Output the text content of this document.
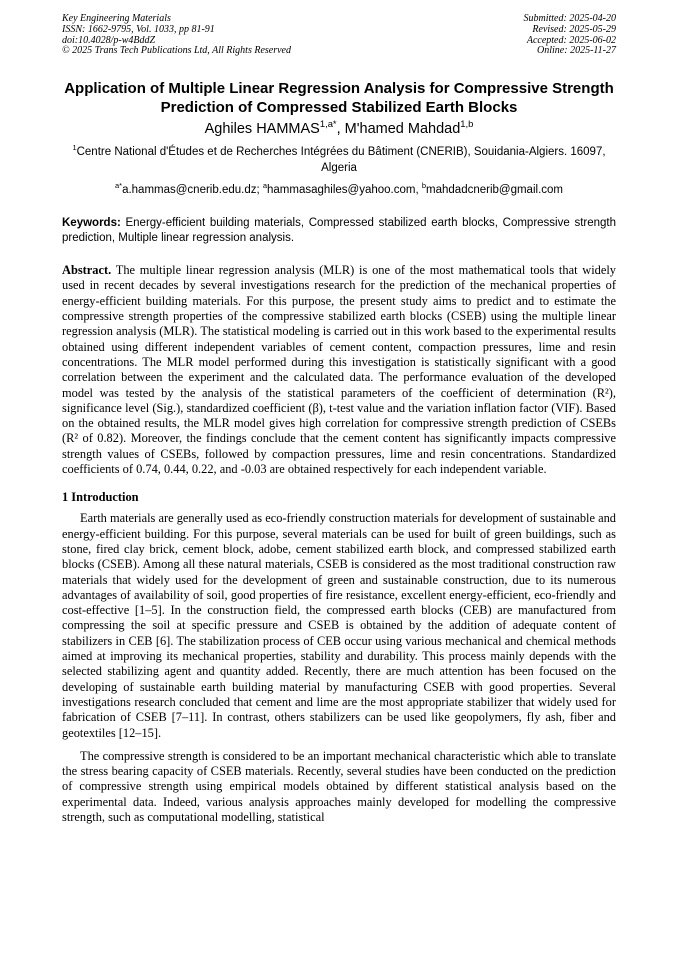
Key Engineering Materials
ISSN: 1662-9795, Vol. 1033, pp 81-91
doi:10.4028/p-w4BddZ
© 2025 Trans Tech Publications Ltd, All Rights Reserved
Submitted: 2025-04-20
Revised: 2025-05-29
Accepted: 2025-06-02
Online: 2025-11-27
Application of Multiple Linear Regression Analysis for Compressive Strength Prediction of Compressed Stabilized Earth Blocks
Aghiles $HAMMAS^{1,a*}$, M'hamed Mahdad$^{1,b}$
$^1$Centre National d'Études et de Recherches Intégrées du Bâtiment (CNERIB), Souidania-Algiers. 16097, Algeria
$^{a*}$a.hammas@cnerib.edu.dz; $^a$hammasaghiles@yahoo.com, $^b$mahdadcnerib@gmail.com
Keywords: Energy-efficient building materials, Compressed stabilized earth blocks, Compressive strength prediction, Multiple linear regression analysis.
Abstract. The multiple linear regression analysis (MLR) is one of the most mathematical tools that widely used in recent decades by several investigations research for the prediction of the mechanical properties of energy-efficient building materials. For this purpose, the present study aims to predict and to estimate the compressive strength properties of the compressive stabilized earth blocks (CSEB) using the multiple linear regression analysis (MLR). The statistical modeling is carried out in this work based to the experimental results obtained using different independent variables of cement content, compaction pressures, lime and resin concentrations. The MLR model performed during this investigation is statistically significant with a good correlation between the experiment and the calculated data. The performance evaluation of the developed model was tested by the analysis of the statistical parameters of the coefficient of determination (R²), significance level (Sig.), standardized coefficient (β), t-test value and the variation inflation factor (VIF). Based on the obtained results, the MLR model gives high correlation for compressive strength prediction of CSEBs (R² of 0.82). Moreover, the findings conclude that the cement content has significantly impacts compressive strength values of CSEBs, followed by compaction pressures, lime and resin concentrations. Standardized coefficients of 0.74, 0.44, 0.22, and -0.03 are obtained respectively for each independent variable.
1 Introduction
Earth materials are generally used as eco-friendly construction materials for development of sustainable and energy-efficient building. For this purpose, several materials can be used for built of green buildings, such as stone, fired clay brick, cement block, adobe, cement stabilized earth block, and compressed stabilized earth blocks (CSEB). Among all these natural materials, CSEB is considered as the most traditional construction raw materials that widely used for the development of green and sustainable construction, due to its numerous advantages of availability of soil, good properties of fire resistance, excellent energy-efficient, eco-friendly and cost-effective [1–5]. In the construction field, the compressed earth blocks (CEB) are manufactured from compressing the soil at specific pressure and CSEB is obtained by the addition of adequate content of stabilizers in CEB [6]. The stabilization process of CEB occur using various mechanical and chemical methods aimed at improving its mechanical properties, stability and durability. This process mainly depends with the selected stabilizing agent and quantity added. Recently, there are much attention has been focused on the developing of sustainable earth building material by manufacturing CSEB with good properties. Several investigations research concluded that cement and lime are the most appropriate stabilizer that widely used for fabrication of CSEB [7–11]. In contrast, others stabilizers can be used like geopolymers, fly ash, fiber and geotextiles [12–15].
The compressive strength is considered to be an important mechanical characteristic which able to translate the stress bearing capacity of CSEB materials. Recently, several studies have been conducted on the prediction of compressive strength using empirical models obtained by different statistical analysis based on the experimental data. Indeed, various analysis approaches mainly developed for modelling the compressive strength, such as computational modelling, statistical
